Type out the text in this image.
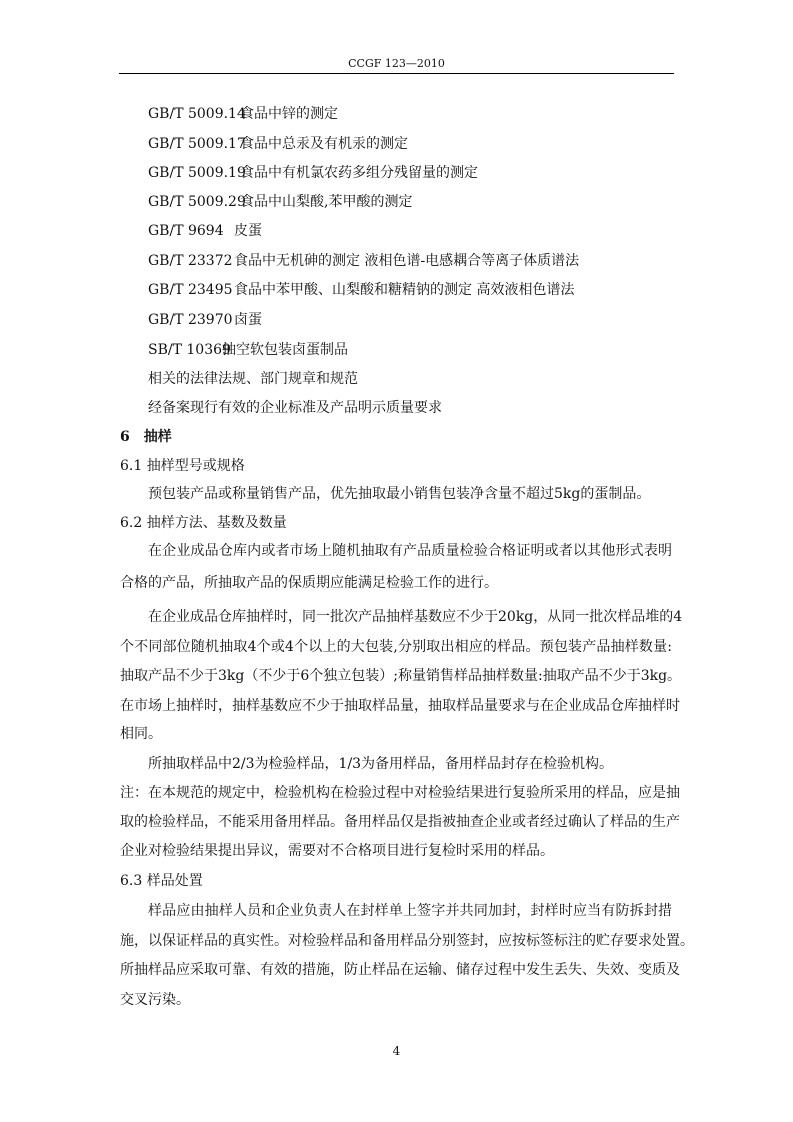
CCGF 123—2010
GB/T 5009.14
食品中锌的测定
GB/T 5009.17
食品中总汞及有机汞的测定
GB/T 5009.19
食品中有机氯农药多组分残留量的测定
GB/T 5009.29
食品中山梨酸,苯甲酸的测定
GB/T 9694 皮蛋
GB/T 23372 食品中无机砷的测定 液相色谱-电感耦合等离子体质谱法
GB/T 23495 食品中苯甲酸、山梨酸和糖精钠的测定 高效液相色谱法
GB/T 23970 卤蛋
SB/T 10369
抽空软包装卤蛋制品
相关的法律法规、部门规章和规范
经备案现行有效的企业标准及产品明示质量要求
6　抽样
6.1 抽样型号或规格
预包装产品或称量销售产品，优先抽取最小销售包装净含量不超过5kg的蛋制品。
6.2 抽样方法、基数及数量
在企业成品仓库内或者市场上随机抽取有产品质量检验合格证明或者以其他形式表明
合格的产品，所抽取产品的保质期应能满足检验工作的进行。
在企业成品仓库抽样时，同一批次产品抽样基数应不少于20kg，从同一批次样品堆的4
个不同部位随机抽取4个或4个以上的大包装,分别取出相应的样品。预包装产品抽样数量:
抽取产品不少于3kg（不少于6个独立包装）;称量销售样品抽样数量:抽取产品不少于3kg。
在市场上抽样时，抽样基数应不少于抽取样品量，抽取样品量要求与在企业成品仓库抽样时
相同。
所抽取样品中2/3为检验样品，1/3为备用样品，备用样品封存在检验机构。
注：在本规范的规定中，检验机构在检验过程中对检验结果进行复验所采用的样品，应是抽
取的检验样品，不能采用备用样品。备用样品仅是指被抽查企业或者经过确认了样品的生产
企业对检验结果提出异议，需要对不合格项目进行复检时采用的样品。
6.3 样品处置
样品应由抽样人员和企业负责人在封样单上签字并共同加封，封样时应当有防拆封措
施，以保证样品的真实性。对检验样品和备用样品分别签封，应按标签标注的贮存要求处置。
所抽样品应采取可靠、有效的措施，防止样品在运输、储存过程中发生丢失、失效、变质及
交叉污染。
4
